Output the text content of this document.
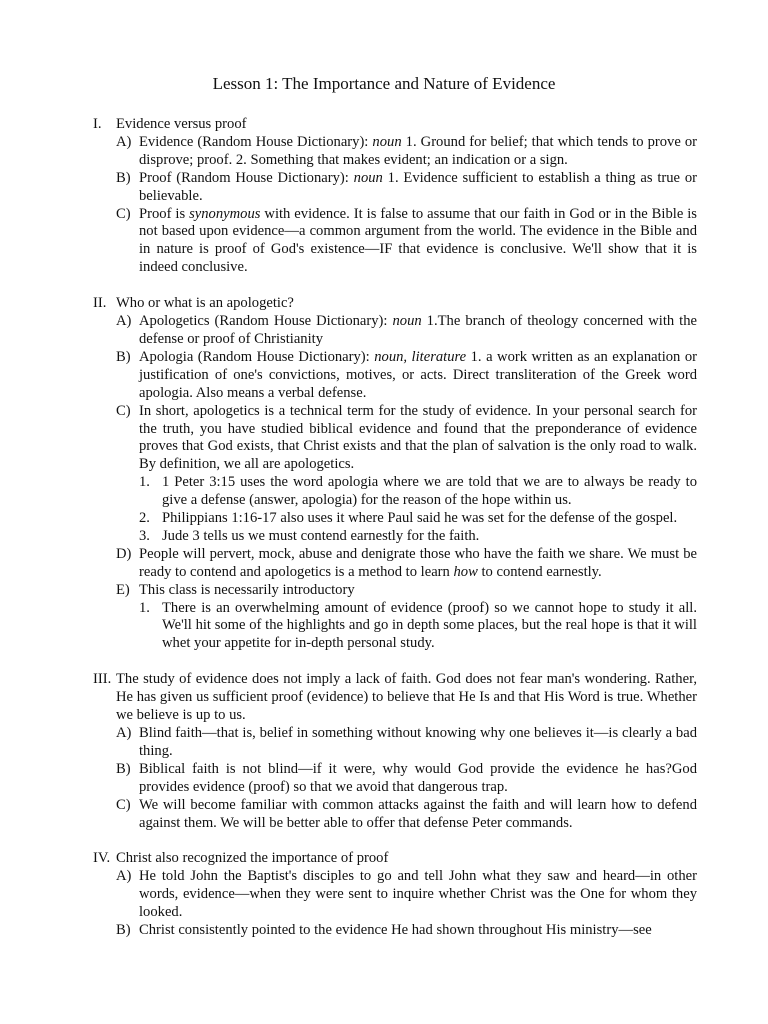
Lesson 1: The Importance and Nature of Evidence
I. Evidence versus proof
A) Evidence (Random House Dictionary): noun 1. Ground for belief; that which tends to prove or disprove; proof. 2. Something that makes evident; an indication or a sign.
B) Proof (Random House Dictionary): noun 1. Evidence sufficient to establish a thing as true or believable.
C) Proof is synonymous with evidence. It is false to assume that our faith in God or in the Bible is not based upon evidence—a common argument from the world. The evidence in the Bible and in nature is proof of God's existence—IF that evidence is conclusive. We'll show that it is indeed conclusive.
II. Who or what is an apologetic?
A) Apologetics (Random House Dictionary): noun 1.The branch of theology concerned with the defense or proof of Christianity
B) Apologia (Random House Dictionary): noun, literature 1. a work written as an explanation or justification of one's convictions, motives, or acts. Direct transliteration of the Greek word apologia. Also means a verbal defense.
C) In short, apologetics is a technical term for the study of evidence. In your personal search for the truth, you have studied biblical evidence and found that the preponderance of evidence proves that God exists, that Christ exists and that the plan of salvation is the only road to walk. By definition, we all are apologetics.
1. 1 Peter 3:15 uses the word apologia where we are told that we are to always be ready to give a defense (answer, apologia) for the reason of the hope within us.
2. Philippians 1:16-17 also uses it where Paul said he was set for the defense of the gospel.
3. Jude 3 tells us we must contend earnestly for the faith.
D) People will pervert, mock, abuse and denigrate those who have the faith we share. We must be ready to contend and apologetics is a method to learn how to contend earnestly.
E) This class is necessarily introductory
1. There is an overwhelming amount of evidence (proof) so we cannot hope to study it all. We'll hit some of the highlights and go in depth some places, but the real hope is that it will whet your appetite for in-depth personal study.
III. The study of evidence does not imply a lack of faith. God does not fear man's wondering. Rather, He has given us sufficient proof (evidence) to believe that He Is and that His Word is true. Whether we believe is up to us.
A) Blind faith—that is, belief in something without knowing why one believes it—is clearly a bad thing.
B) Biblical faith is not blind—if it were, why would God provide the evidence he has?God provides evidence (proof) so that we avoid that dangerous trap.
C) We will become familiar with common attacks against the faith and will learn how to defend against them. We will be better able to offer that defense Peter commands.
IV. Christ also recognized the importance of proof
A) He told John the Baptist's disciples to go and tell John what they saw and heard—in other words, evidence—when they were sent to inquire whether Christ was the One for whom they looked.
B) Christ consistently pointed to the evidence He had shown throughout His ministry—see
